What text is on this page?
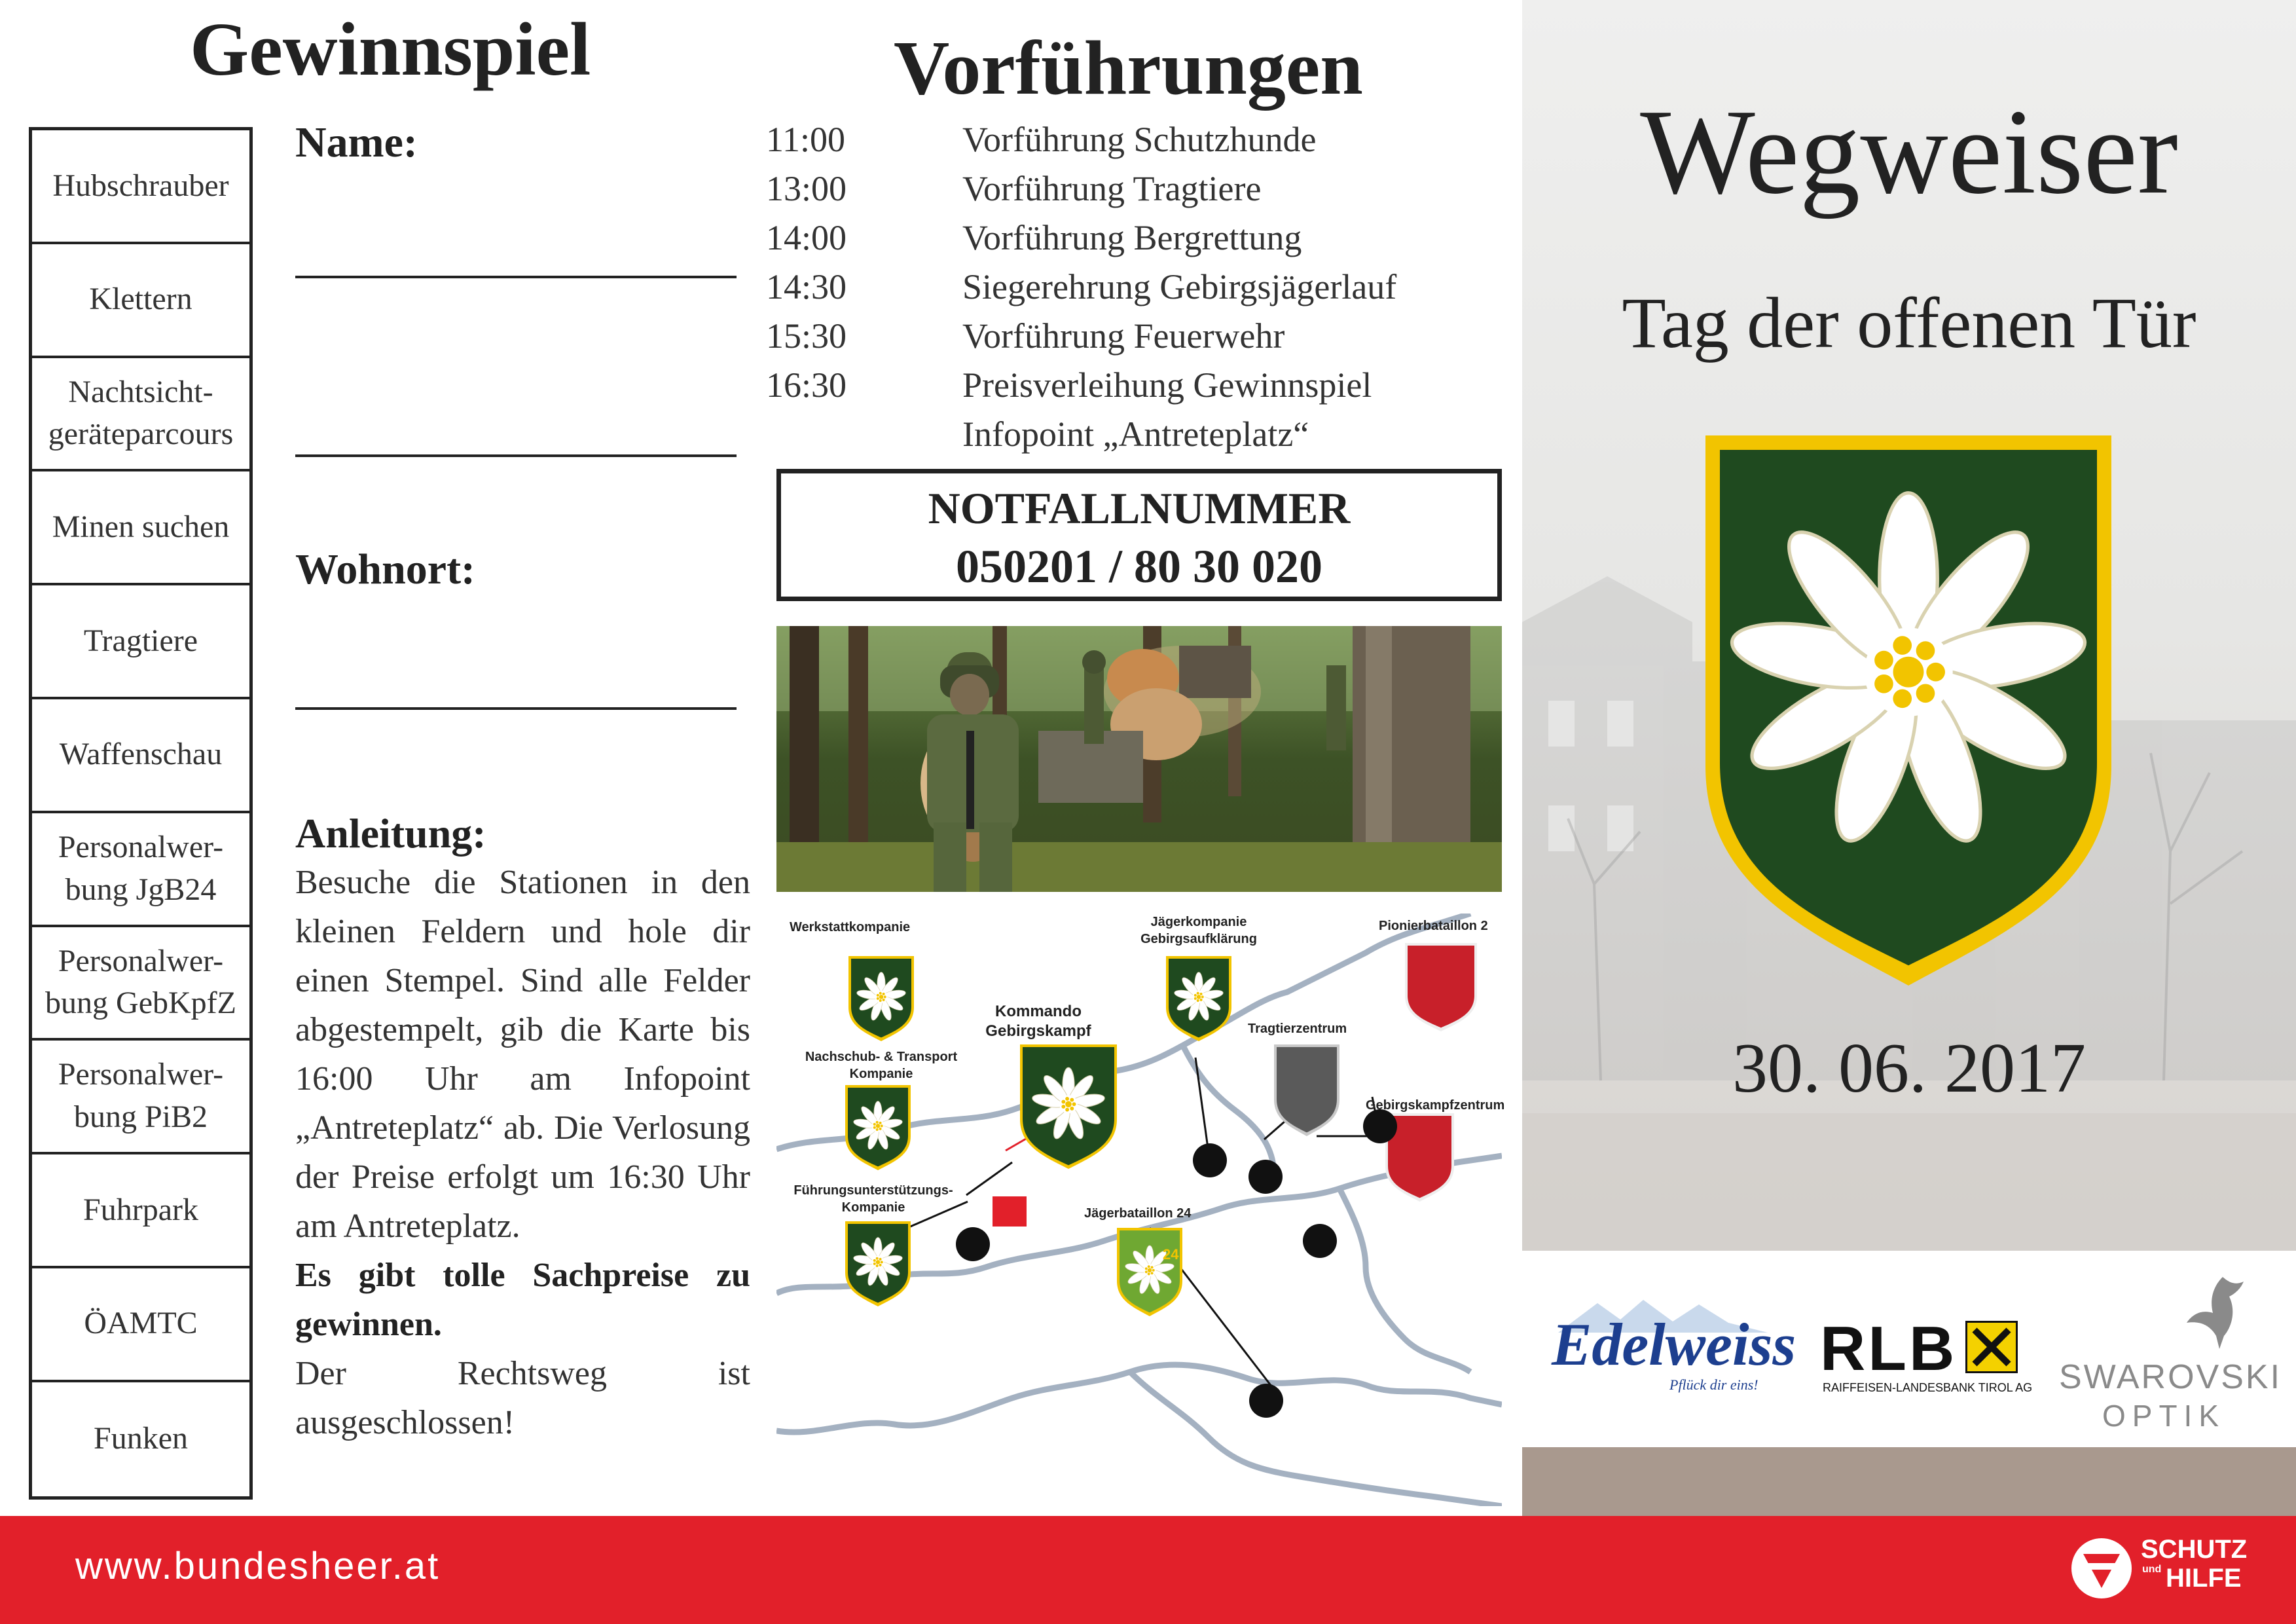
Gewinnspiel
Hubschrauber
Klettern
Nachtsicht-
geräteparcours
Minen suchen
Tragtiere
Waffenschau
Personalwer-
bung JgB24
Personalwer-
bung GebKpfZ
Personalwer-
bung PiB2
Fuhrpark
ÖAMTC
Funken
Name:
Wohnort:
Anleitung:
Besuche die Stationen in den kleinen Feldern und hole dir einen Stempel. Sind alle Felder abgestempelt, gib die Karte bis 16:00 Uhr am Infopoint „Antreteplatz“ ab. Die Verlosung der Preise erfolgt um 16:30 Uhr am Antreteplatz.
Es gibt tolle Sachpreise zu gewinnen.
Der Rechtsweg ist ausgeschlossen!
Vorführungen
11:00	Vorführung Schutzhunde
13:00	Vorführung Tragtiere
14:00	Vorführung Bergrettung
14:30	Siegerehrung Gebirgsjägerlauf
15:30	Vorführung Feuerwehr
16:30	Preisverleihung Gewinnspiel
Infopoint „Antreteplatz“
NOTFALLNUMMER
050201 / 80 30 020
24
Werkstattkompanie	Jägerkompanie
Gebirgsaufklärung
Pionierbataillon 2
Kommando
Gebirgskampf
Nachschub- & Transport
Kompanie
Tragtierzentrum
Gebirgskampfzentrum
Führungsunterstützungs-
Kompanie	Jägerbataillon 24
Wegweiser
Tag der offenen Tür
30. 06. 2017
Edelweiss
Pflück dir eins!
RLB
RAIFFEISEN-LANDESBANK TIROL AG SWAROVSKI
OPTIK
www.bundesheer.at	SCHUTZ
und HILFE
